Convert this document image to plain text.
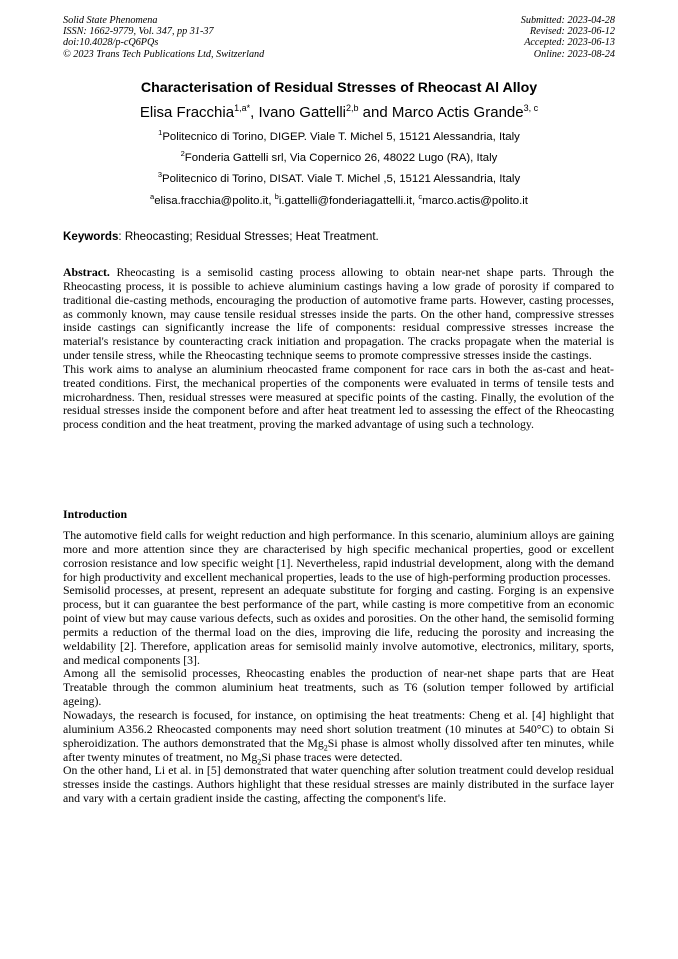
Solid State Phenomena
ISSN: 1662-9779, Vol. 347, pp 31-37
doi:10.4028/p-cQ6PQs
© 2023 Trans Tech Publications Ltd, Switzerland
Submitted: 2023-04-28
Revised: 2023-06-12
Accepted: 2023-06-13
Online: 2023-08-24
Characterisation of Residual Stresses of Rheocast Al Alloy
Elisa Fracchia$^{1,a*}$, Ivano Gattelli$^{2,b}$ and Marco Actis Grande$^{3, c}$
$^1$Politecnico di Torino, DIGEP. Viale T. Michel 5, 15121 Alessandria, Italy
$^2$Fonderia Gattelli srl, Via Copernico 26, 48022 Lugo (RA), Italy
$^3$Politecnico di Torino, DISAT. Viale T. Michel ,5, 15121 Alessandria, Italy
$^a$elisa.fracchia@polito.it, $^b$i.gattelli@fonderiagattelli.it, $^c$marco.actis@polito.it
Keywords: Rheocasting; Residual Stresses; Heat Treatment.

Abstract. Rheocasting is a semisolid casting process allowing to obtain near-net shape parts. Through the Rheocasting process, it is possible to achieve aluminium castings having a low grade of porosity if compared to traditional die-casting methods, encouraging the production of automotive frame parts. However, casting processes, as commonly known, may cause tensile residual stresses inside the parts. On the other hand, compressive stresses inside castings can significantly increase the life of components: residual compressive stresses increase the material's resistance by counteracting crack initiation and propagation. The cracks propagate when the material is under tensile stress, while the Rheocasting technique seems to promote compressive stresses inside the castings.

This work aims to analyse an aluminium rheocasted frame component for race cars in both the as-cast and heat-treated conditions. First, the mechanical properties of the components were evaluated in terms of tensile tests and microhardness. Then, residual stresses were measured at specific points of the casting. Finally, the evolution of the residual stresses inside the component before and after heat treatment led to assessing the effect of the Rheocasting process condition and the heat treatment, proving the marked advantage of using such a technology.

Introduction

The automotive field calls for weight reduction and high performance. In this scenario, aluminium alloys are gaining more and more attention since they are characterised by high specific mechanical properties, good or excellent corrosion resistance and low specific weight [1]. Nevertheless, rapid industrial development, along with the demand for high productivity and excellent mechanical properties, leads to the use of high-performing production processes.

Semisolid processes, at present, represent an adequate substitute for forging and casting. Forging is an expensive process, but it can guarantee the best performance of the part, while casting is more competitive from an economic point of view but may cause various defects, such as oxides and porosities. On the other hand, the semisolid forming permits a reduction of the thermal load on the dies, improving die life, reducing the porosity and increasing the weldability [2]. Therefore, application areas for semisolid mainly involve automotive, electronics, military, sports, and medical components [3].

Among all the semisolid processes, Rheocasting enables the production of near-net shape parts that are Heat Treatable through the common aluminium heat treatments, such as T6 (solution temper followed by artificial ageing).

Nowadays, the research is focused, for instance, on optimising the heat treatments: Cheng et al. [4] highlight that aluminium A356.2 Rheocasted components may need short solution treatment (10 minutes at 540°C) to obtain Si spheroidization. The authors demonstrated that the $Mg_2Si$ phase is almost wholly dissolved after ten minutes, while after twenty minutes of treatment, no $Mg_2Si$ phase traces were detected.

On the other hand, Li et al. in [5] demonstrated that water quenching after solution treatment could develop residual stresses inside the castings. Authors highlight that these residual stresses are mainly distributed in the surface layer and vary with a certain gradient inside the casting, affecting the component's life.
